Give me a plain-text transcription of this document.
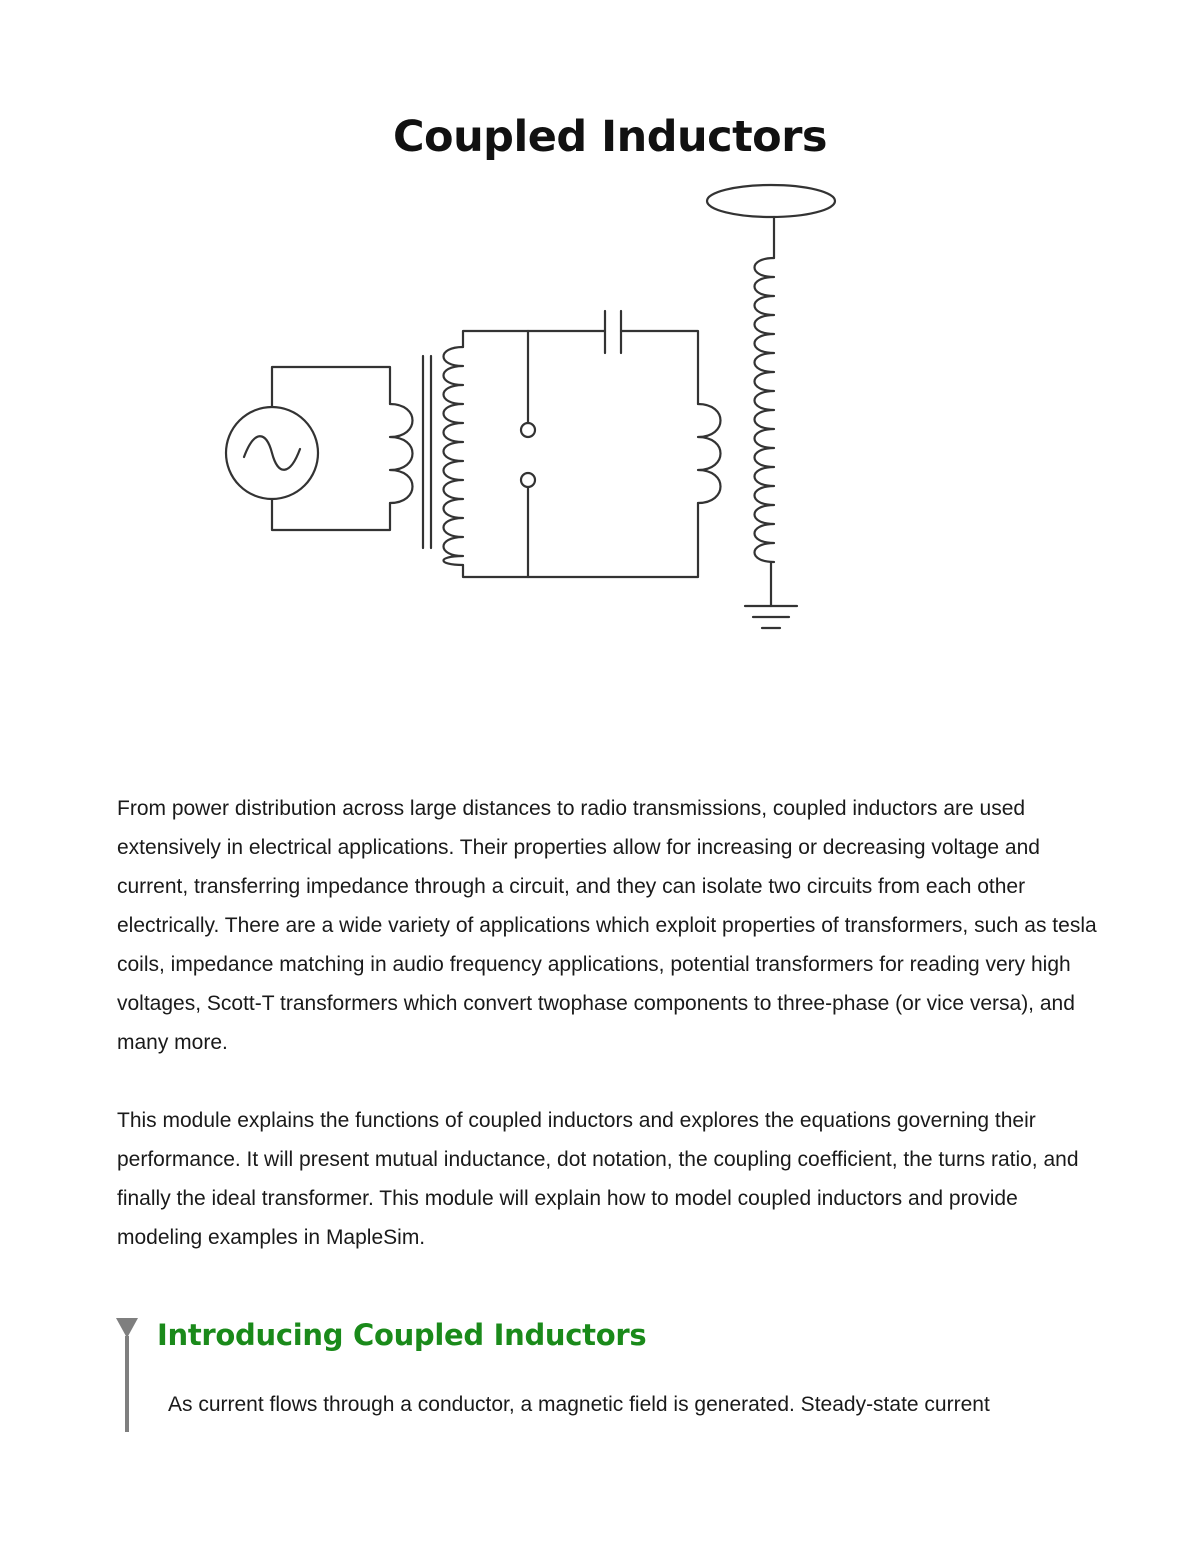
Coupled Inductors

From power distribution across large distances to radio transmissions, coupled inductors are used extensively in electrical applications. Their properties allow for increasing or decreasing voltage and current, transferring impedance through a circuit, and they can isolate two circuits from each other electrically. There are a wide variety of applications which exploit properties of transformers, such as tesla coils, impedance matching in audio frequency applications, potential transformers for reading very high voltages, Scott-T transformers which convert twophase components to three-phase (or vice versa), and many more.

This module explains the functions of coupled inductors and explores the equations governing their performance. It will present mutual inductance, dot notation, the coupling coefficient, the turns ratio, and finally the ideal transformer. This module will explain how to model coupled inductors and provide modeling examples in MapleSim.

Introducing Coupled Inductors

As current flows through a conductor, a magnetic field is generated. Steady-state current
